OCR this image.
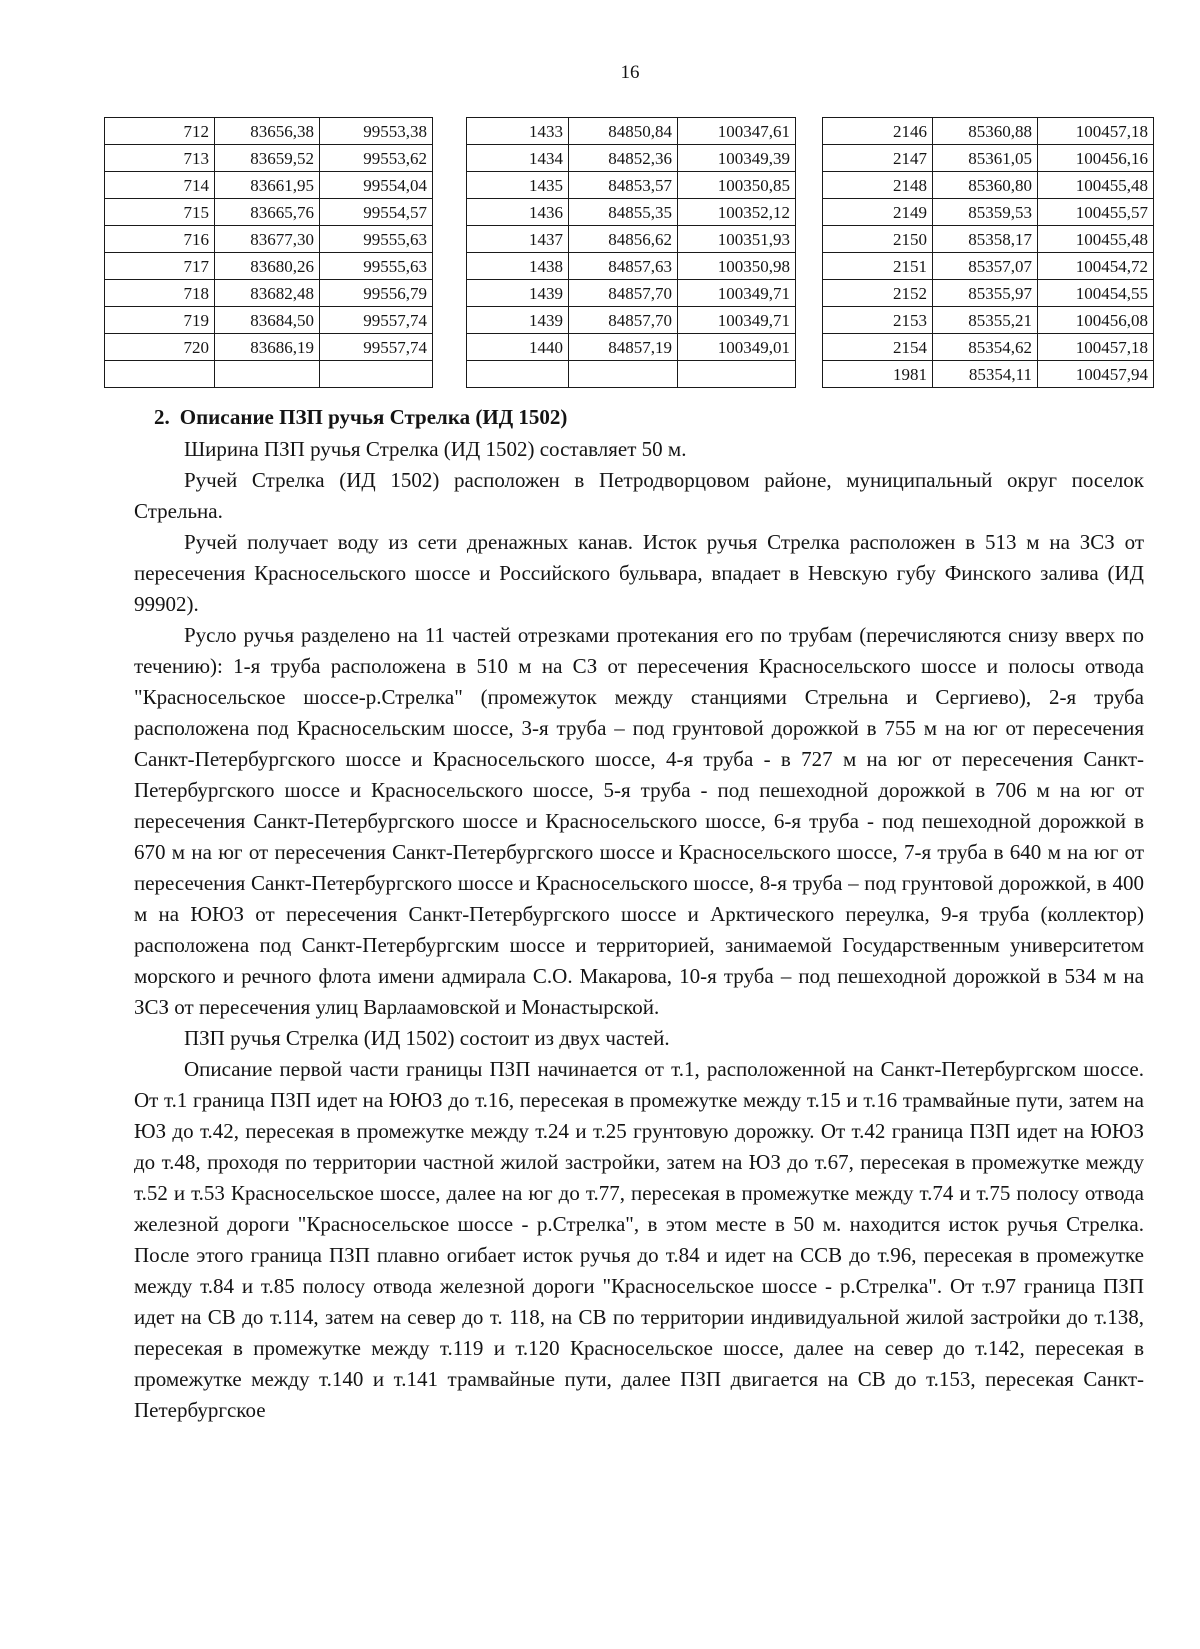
16
712	83656,38	99553,38
713	83659,52	99553,62
714	83661,95	99554,04
715	83665,76	99554,57
716	83677,30	99555,63
717	83680,26	99555,63
718	83682,48	99556,79
719	83684,50	99557,74
720	83686,19	99557,74

1433	84850,84	100347,61
1434	84852,36	100349,39
1435	84853,57	100350,85
1436	84855,35	100352,12
1437	84856,62	100351,93
1438	84857,63	100350,98
1439	84857,70	100349,71
1439	84857,70	100349,71
1440	84857,19	100349,01

2146	85360,88	100457,18
2147	85361,05	100456,16
2148	85360,80	100455,48
2149	85359,53	100455,57
2150	85358,17	100455,48
2151	85357,07	100454,72
2152	85355,97	100454,55
2153	85355,21	100456,08
2154	85354,62	100457,18
1981	85354,11	100457,94
2. Описание ПЗП ручья Стрелка (ИД 1502)

Ширина ПЗП ручья Стрелка (ИД 1502) составляет 50 м.

Ручей Стрелка (ИД 1502) расположен в Петродворцовом районе, муниципальный округ поселок Стрельна.

Ручей получает воду из сети дренажных канав. Исток ручья Стрелка расположен в 513 м на ЗСЗ от пересечения Красносельского шоссе и Российского бульвара, впадает в Невскую губу Финского залива (ИД 99902).

Русло ручья разделено на 11 частей отрезками протекания его по трубам (перечисляются снизу вверх по течению): 1-я труба расположена в 510 м на СЗ от пересечения Красносельского шоссе и полосы отвода "Красносельское шоссе-р.Стрелка" (промежуток между станциями Стрельна и Сергиево), 2-я труба расположена под Красносельским шоссе, 3-я труба – под грунтовой дорожкой в 755 м на юг от пересечения Санкт-Петербургского шоссе и Красносельского шоссе, 4-я труба - в 727 м на юг от пересечения Санкт-Петербургского шоссе и Красносельского шоссе, 5-я труба - под пешеходной дорожкой в 706 м на юг от пересечения Санкт-Петербургского шоссе и Красносельского шоссе, 6-я труба - под пешеходной дорожкой в 670 м на юг от пересечения Санкт-Петербургского шоссе и Красносельского шоссе, 7-я труба в 640 м на юг от пересечения Санкт-Петербургского шоссе и Красносельского шоссе, 8-я труба – под грунтовой дорожкой, в 400 м на ЮЮЗ от пересечения Санкт-Петербургского шоссе и Арктического переулка, 9-я труба (коллектор) расположена под Санкт-Петербургским шоссе и территорией, занимаемой Государственным университетом морского и речного флота имени адмирала С.О. Макарова, 10-я труба – под пешеходной дорожкой в 534 м на ЗСЗ от пересечения улиц Варлаамовской и Монастырской.

ПЗП ручья Стрелка (ИД 1502) состоит из двух частей.

Описание первой части границы ПЗП начинается от т.1, расположенной на Санкт-Петербургском шоссе. От т.1 граница ПЗП идет на ЮЮЗ до т.16, пересекая в промежутке между т.15 и т.16 трамвайные пути, затем на ЮЗ до т.42, пересекая в промежутке между т.24 и т.25 грунтовую дорожку. От т.42 граница ПЗП идет на ЮЮЗ до т.48, проходя по территории частной жилой застройки, затем на ЮЗ до т.67, пересекая в промежутке между т.52 и т.53 Красносельское шоссе, далее на юг до т.77, пересекая в промежутке между т.74 и т.75 полосу отвода железной дороги "Красносельское шоссе - р.Стрелка", в этом месте в 50 м. находится исток ручья Стрелка. После этого граница ПЗП плавно огибает исток ручья до т.84 и идет на ССВ до т.96, пересекая в промежутке между т.84 и т.85 полосу отвода железной дороги "Красносельское шоссе - р.Стрелка". От т.97 граница ПЗП идет на СВ до т.114, затем на север до т. 118, на СВ по территории индивидуальной жилой застройки до т.138, пересекая в промежутке между т.119 и т.120 Красносельское шоссе, далее на север до т.142, пересекая в промежутке между т.140 и т.141 трамвайные пути, далее ПЗП двигается на СВ до т.153, пересекая Санкт-Петербургское
